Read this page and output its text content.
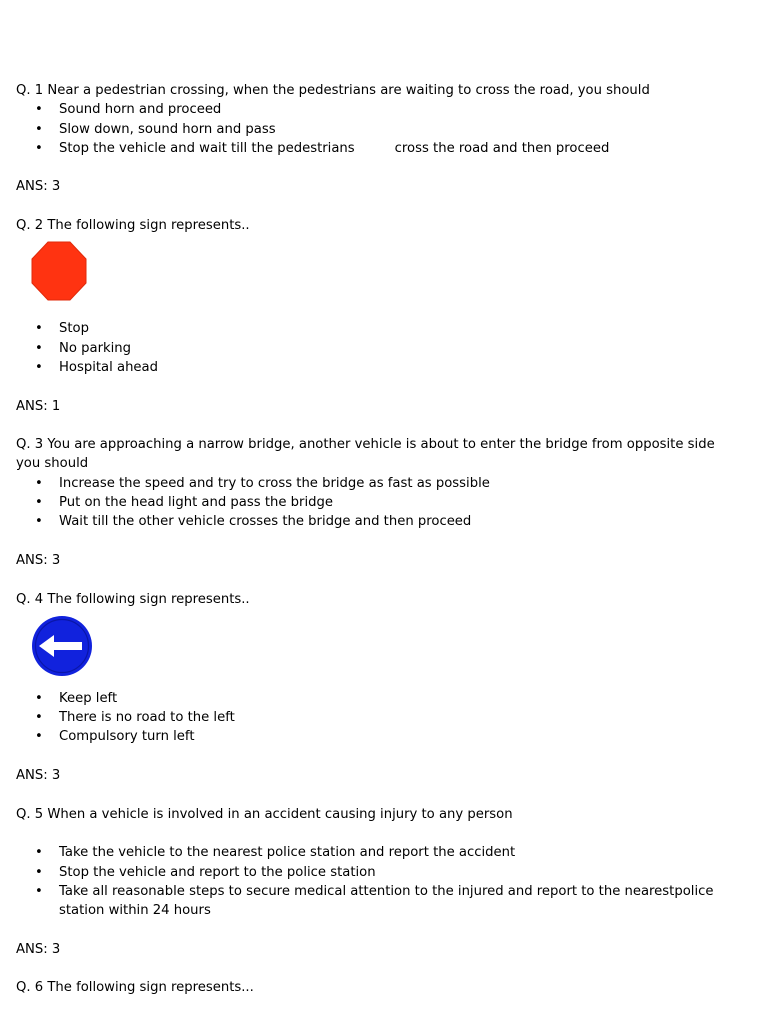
Q. 1 Near a pedestrian crossing, when the pedestrians are waiting to cross the road, you should

• Sound horn and proceed
• Slow down, sound horn and pass
• Stop the vehicle and wait till the pedestrians	cross the road and then proceed

ANS: 3

Q. 2 The following sign represents..

• Stop
• No parking
• Hospital ahead

ANS: 1

Q. 3 You are approaching a narrow bridge, another vehicle is about to enter the bridge from opposite side you should

• Increase the speed and try to cross the bridge as fast as possible
• Put on the head light and pass the bridge
• Wait till the other vehicle crosses the bridge and then proceed

ANS: 3

Q. 4 The following sign represents..

• Keep left
• There is no road to the left
• Compulsory turn left

ANS: 3

Q. 5 When a vehicle is involved in an accident causing injury to any person

• Take the vehicle to the nearest police station and report the accident
• Stop the vehicle and report to the police station
• Take all reasonable steps to secure medical attention to the injured and report to the nearestpolice station within 24 hours

ANS: 3

Q. 6 The following sign represents...
